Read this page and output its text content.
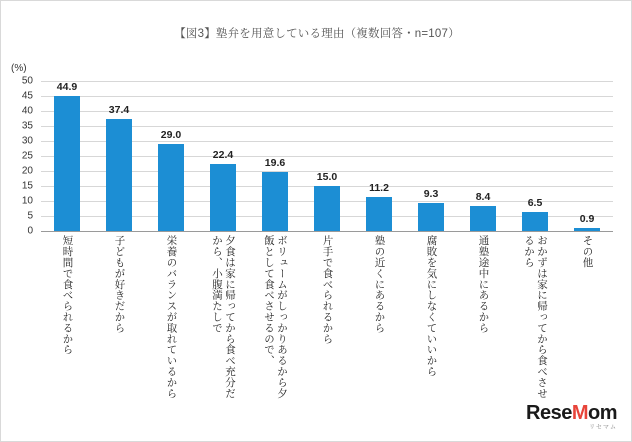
【図3】塾弁を用意している理由（複数回答・n=107）
(%)
0
5
10
15
20
25
30
35
40
45
50
44.9
37.4
29.0
22.4
19.6
15.0
11.2	9.3	8.4	6.5
0.9
短時間で食べられるから	子どもが好きだから	栄養のバランスが取れているから	夕食は家に帰ってから食べ充分だから、小腹満たしで	ボリュームがしっかりあるから夕飯として食べさせるので、	片手で食べられるから	塾の近くにあるから	腐敗を気にしなくていいから	通塾途中にあるから	おかずは家に帰ってから食べさせるから	その他
ReseMom
リセマム
